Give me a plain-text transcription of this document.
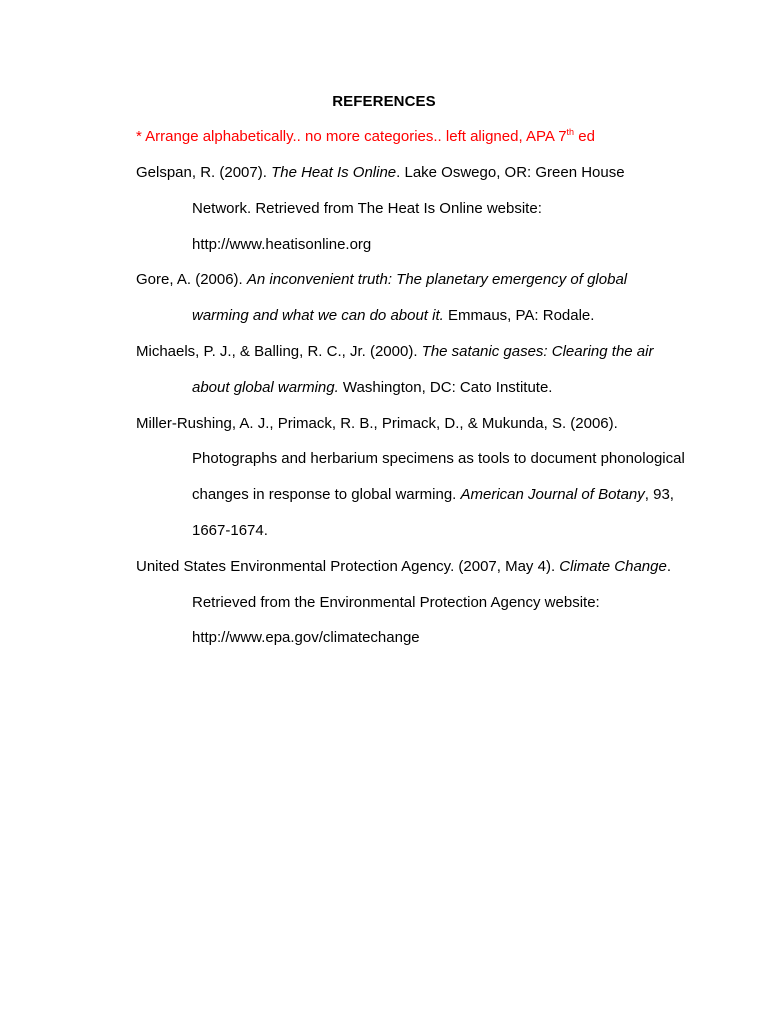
REFERENCES
* Arrange alphabetically.. no more categories.. left aligned, APA 7th ed
Gelspan, R. (2007). The Heat Is Online. Lake Oswego, OR: Green House
Network. Retrieved from The Heat Is Online website:
http://www.heatisonline.org
Gore, A. (2006). An inconvenient truth: The planetary emergency of global
warming and what we can do about it. Emmaus, PA: Rodale.
Michaels, P. J., & Balling, R. C., Jr. (2000). The satanic gases: Clearing the air
about global warming. Washington, DC: Cato Institute.
Miller-Rushing, A. J., Primack, R. B., Primack, D., & Mukunda, S. (2006).
Photographs and herbarium specimens as tools to document phonological
changes in response to global warming. American Journal of Botany, 93,
1667-1674.
United States Environmental Protection Agency. (2007, May 4). Climate Change.
Retrieved from the Environmental Protection Agency website:
http://www.epa.gov/climatechange
